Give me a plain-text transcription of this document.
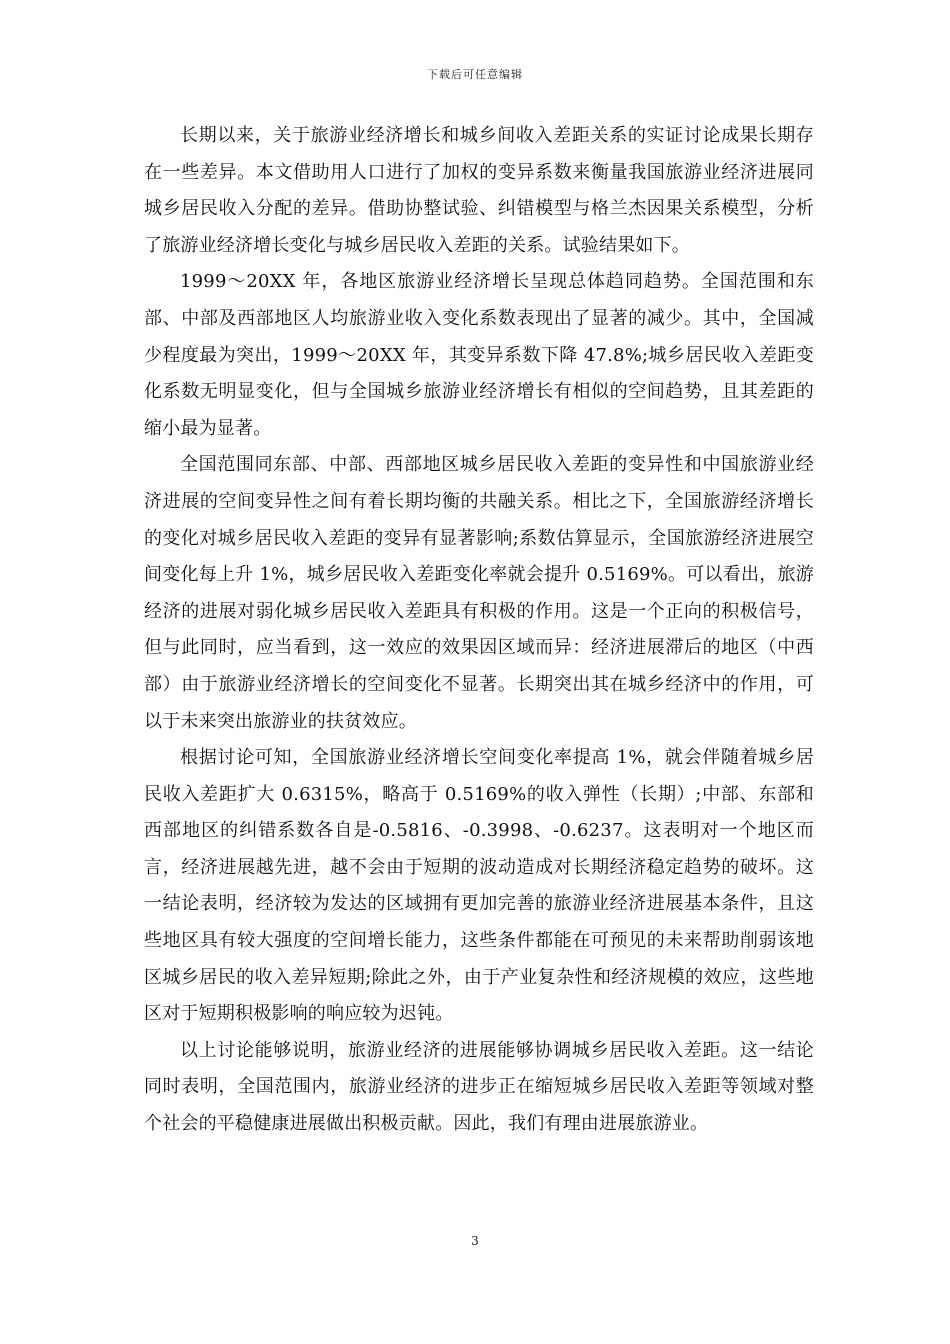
下载后可任意编辑

长期以来，关于旅游业经济增长和城乡间收入差距关系的实证讨论成果长期存在一些差异。本文借助用人口进行了加权的变异系数来衡量我国旅游业经济进展同城乡居民收入分配的差异。借助协整试验、纠错模型与格兰杰因果关系模型，分析了旅游业经济增长变化与城乡居民收入差距的关系。试验结果如下。

1999～20XX 年，各地区旅游业经济增长呈现总体趋同趋势。全国范围和东部、中部及西部地区人均旅游业收入变化系数表现出了显著的减少。其中，全国减少程度最为突出，1999～20XX 年，其变异系数下降 47.8%;城乡居民收入差距变化系数无明显变化，但与全国城乡旅游业经济增长有相似的空间趋势，且其差距的缩小最为显著。

全国范围同东部、中部、西部地区城乡居民收入差距的变异性和中国旅游业经济进展的空间变异性之间有着长期均衡的共融关系。相比之下，全国旅游经济增长的变化对城乡居民收入差距的变异有显著影响;系数估算显示，全国旅游经济进展空间变化每上升 1%，城乡居民收入差距变化率就会提升 0.5169%。可以看出，旅游经济的进展对弱化城乡居民收入差距具有积极的作用。这是一个正向的积极信号，但与此同时，应当看到，这一效应的效果因区域而异：经济进展滞后的地区（中西部）由于旅游业经济增长的空间变化不显著。长期突出其在城乡经济中的作用，可以于未来突出旅游业的扶贫效应。

根据讨论可知，全国旅游业经济增长空间变化率提高 1%，就会伴随着城乡居民收入差距扩大 0.6315%，略高于 0.5169%的收入弹性（长期）;中部、东部和西部地区的纠错系数各自是-0.5816、-0.3998、-0.6237。这表明对一个地区而言，经济进展越先进，越不会由于短期的波动造成对长期经济稳定趋势的破坏。这一结论表明，经济较为发达的区域拥有更加完善的旅游业经济进展基本条件，且这些地区具有较大强度的空间增长能力，这些条件都能在可预见的未来帮助削弱该地区城乡居民的收入差异短期;除此之外，由于产业复杂性和经济规模的效应，这些地区对于短期积极影响的响应较为迟钝。

以上讨论能够说明，旅游业经济的进展能够协调城乡居民收入差距。这一结论同时表明，全国范围内，旅游业经济的进步正在缩短城乡居民收入差距等领域对整个社会的平稳健康进展做出积极贡献。因此，我们有理由进展旅游业。

3
